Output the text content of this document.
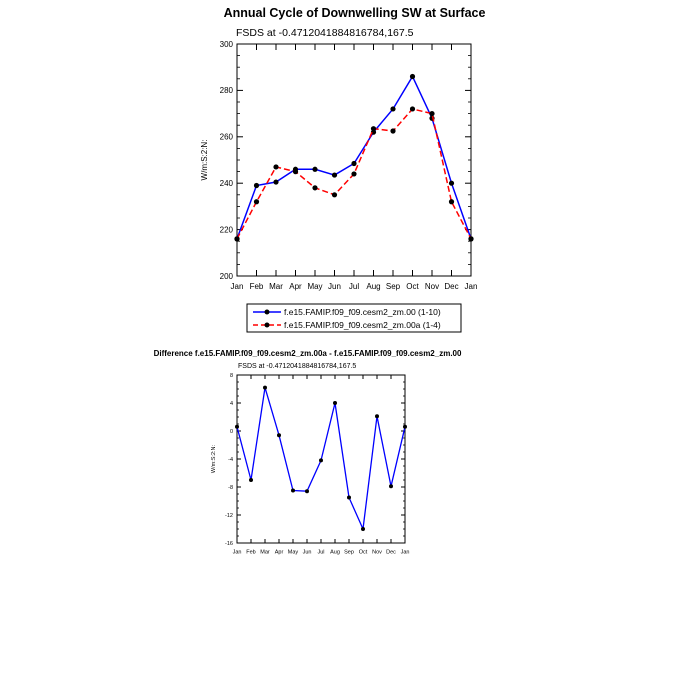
Annual Cycle of Downwelling SW at Surface
FSDS at -0.4712041884816784,167.5
Difference f.e15.FAMIP.f09_f09.cesm2_zm.00a - f.e15.FAMIP.f09_f09.cesm2_zm.00
FSDS at -0.4712041884816784,167.5
Jan Feb Mar Apr May Jun Jul Aug Sep Oct Nov Dec Jan
200
220
240
260
280
300
W/m:S:2:N:
Jan Feb Mar Apr May Jun Jul Aug Sep Oct Nov Dec Jan
-16
-12
-8
-4
0
4
8
W/m:S:2:N:
f.e15.FAMIP.f09_f09.cesm2_zm.00 (1-10)
f.e15.FAMIP.f09_f09.cesm2_zm.00a (1-4)
